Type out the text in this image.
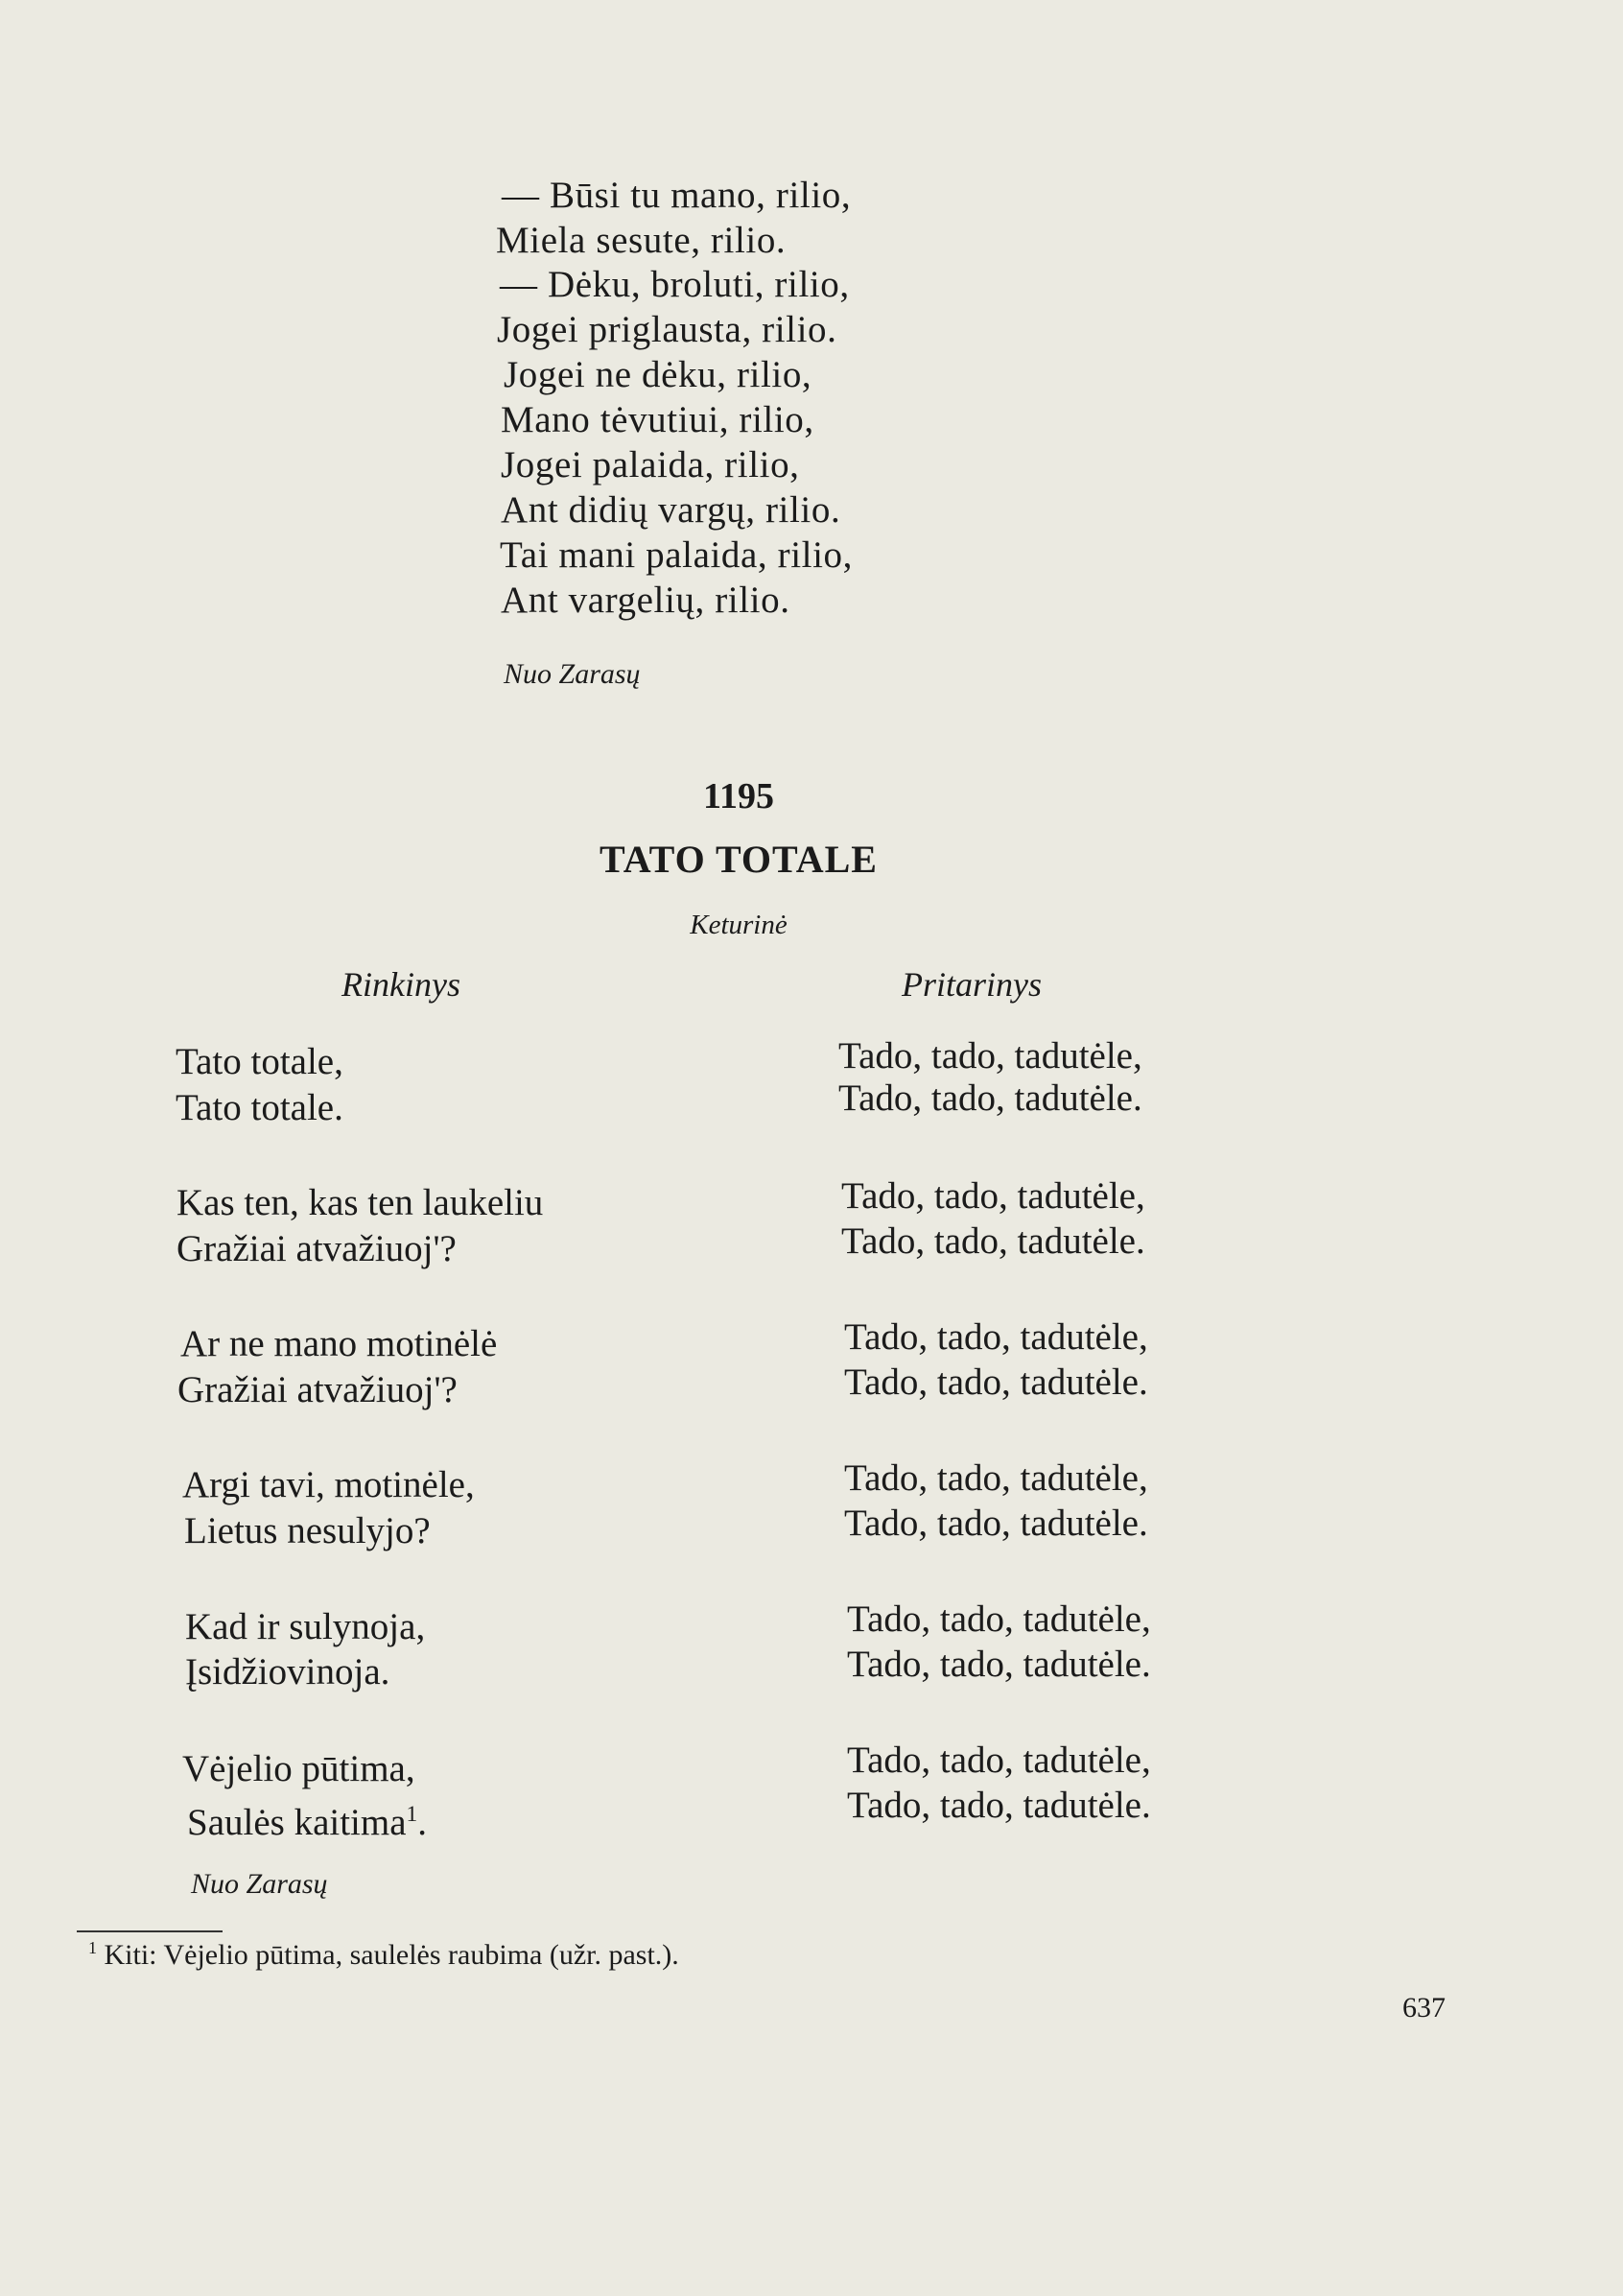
— Būsi tu mano, rilio,
Miela sesute, rilio.
— Dėku, broluti, rilio,
Jogei priglausta, rilio.
Jogei ne dėku, rilio,
Mano tėvutiui, rilio,
Jogei palaida, rilio,
Ant didių vargų, rilio.
Tai mani palaida, rilio,
Ant vargelių, rilio.
Nuo Zarasų
1195
TATO TOTALE
Keturinė
Rinkinys	Pritarinys
Tato totale,
Tato totale.
Tado, tado, tadutėle,
Tado, tado, tadutėle.
Kas ten, kas ten laukeliu
Gražiai atvažiuoj'?
Tado, tado, tadutėle,
Tado, tado, tadutėle.
Ar ne mano motinėlė
Gražiai atvažiuoj'?
Tado, tado, tadutėle,
Tado, tado, tadutėle.
Argi tavi, motinėle,
Lietus nesulyjo?
Tado, tado, tadutėle,
Tado, tado, tadutėle.
Kad ir sulynoja,
Įsidžiovinoja.
Tado, tado, tadutėle,
Tado, tado, tadutėle.
Vėjelio pūtima,
Saulės kaitima$^1$.
Tado, tado, tadutėle,
Tado, tado, tadutėle.
Nuo Zarasų
$^1$ Kiti: Vėjelio pūtima, saulelės raubima (užr. past.).
637
